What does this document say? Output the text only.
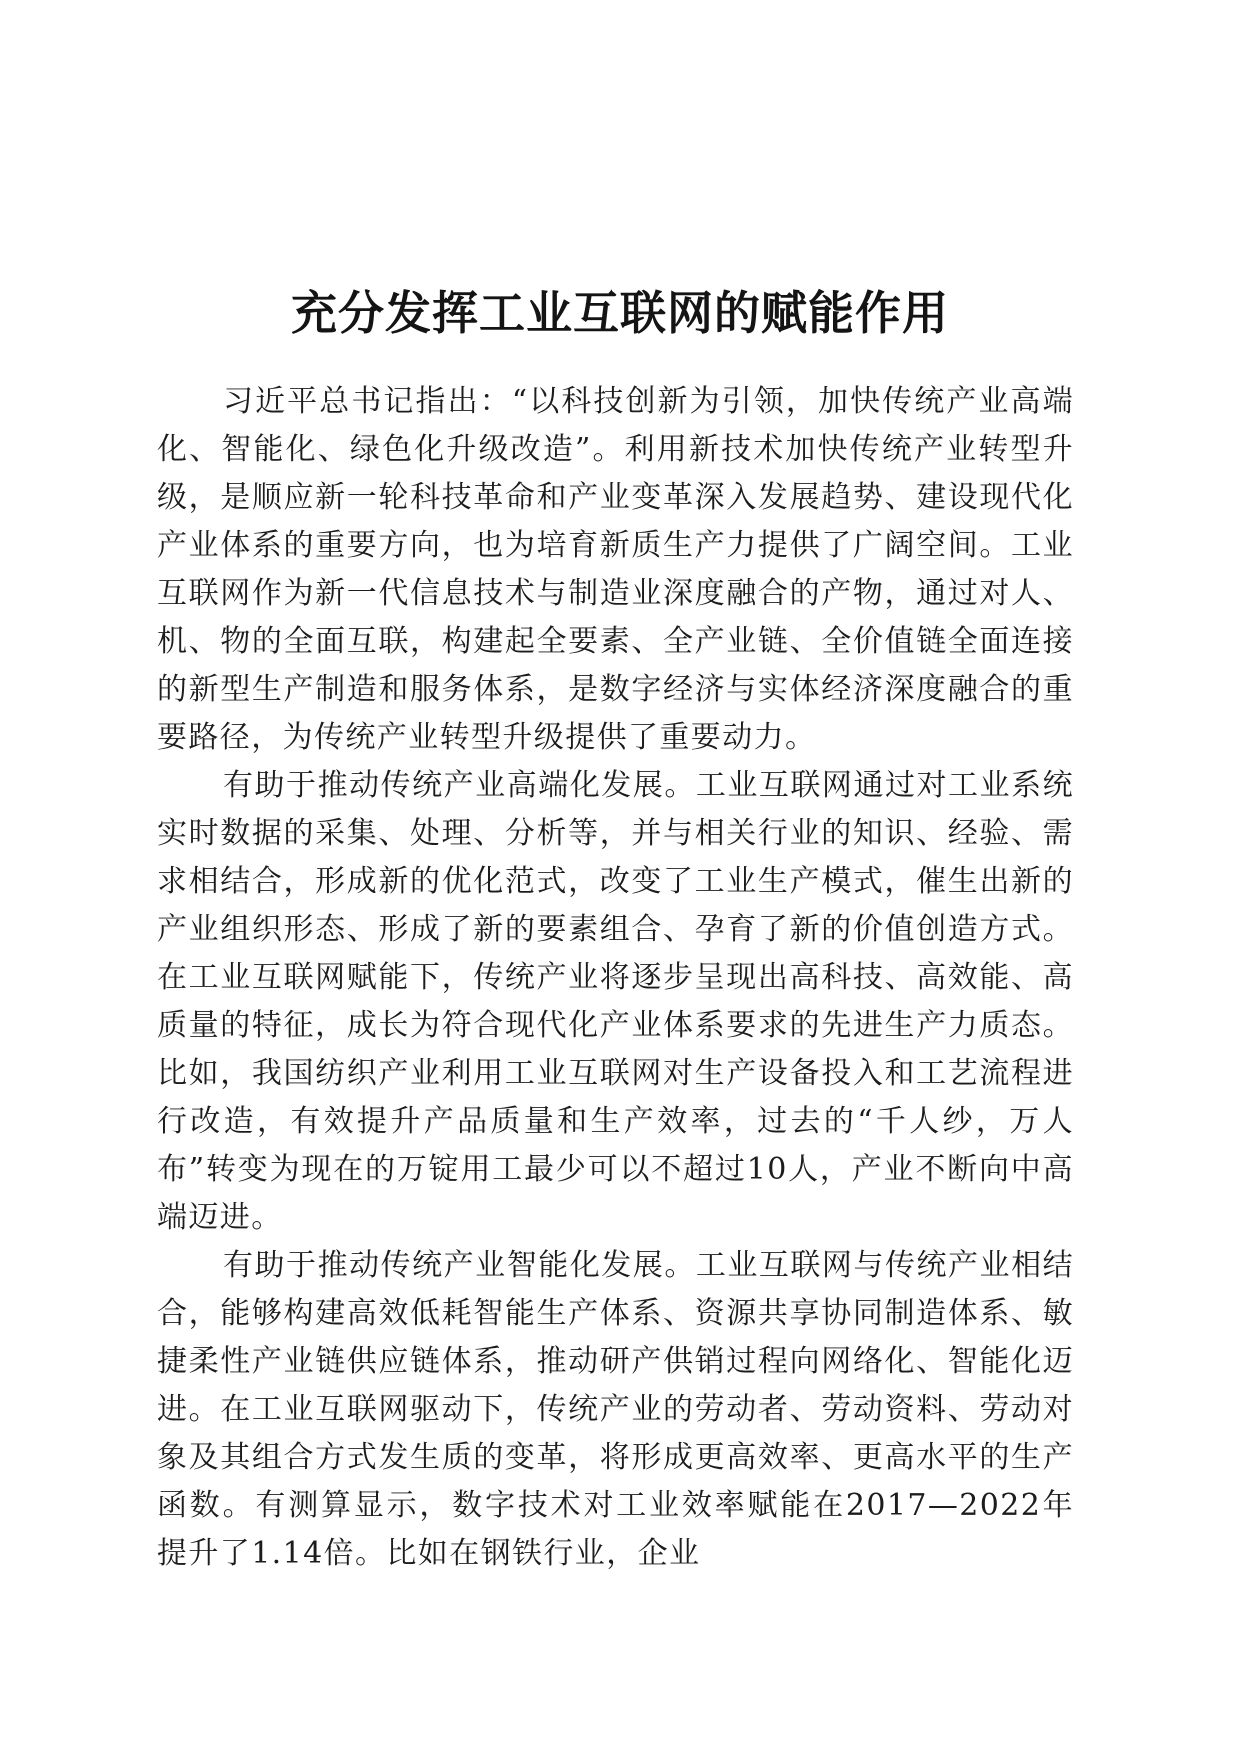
充分发挥工业互联网的赋能作用

习近平总书记指出：“以科技创新为引领，加快传统产业高端化、智能化、绿色化升级改造”。利用新技术加快传统产业转型升级，是顺应新一轮科技革命和产业变革深入发展趋势、建设现代化产业体系的重要方向，也为培育新质生产力提供了广阔空间。工业互联网作为新一代信息技术与制造业深度融合的产物，通过对人、机、物的全面互联，构建起全要素、全产业链、全价值链全面连接的新型生产制造和服务体系，是数字经济与实体经济深度融合的重要路径，为传统产业转型升级提供了重要动力。

有助于推动传统产业高端化发展。工业互联网通过对工业系统实时数据的采集、处理、分析等，并与相关行业的知识、经验、需求相结合，形成新的优化范式，改变了工业生产模式，催生出新的产业组织形态、形成了新的要素组合、孕育了新的价值创造方式。在工业互联网赋能下，传统产业将逐步呈现出高科技、高效能、高质量的特征，成长为符合现代化产业体系要求的先进生产力质态。比如，我国纺织产业利用工业互联网对生产设备投入和工艺流程进行改造，有效提升产品质量和生产效率，过去的“千人纱，万人布”转变为现在的万锭用工最少可以不超过10人，产业不断向中高端迈进。

有助于推动传统产业智能化发展。工业互联网与传统产业相结合，能够构建高效低耗智能生产体系、资源共享协同制造体系、敏捷柔性产业链供应链体系，推动研产供销过程向网络化、智能化迈进。在工业互联网驱动下，传统产业的劳动者、劳动资料、劳动对象及其组合方式发生质的变革，将形成更高效率、更高水平的生产函数。有测算显示，数字技术对工业效率赋能在2017—2022年提升了1.14倍。比如在钢铁行业，企业
